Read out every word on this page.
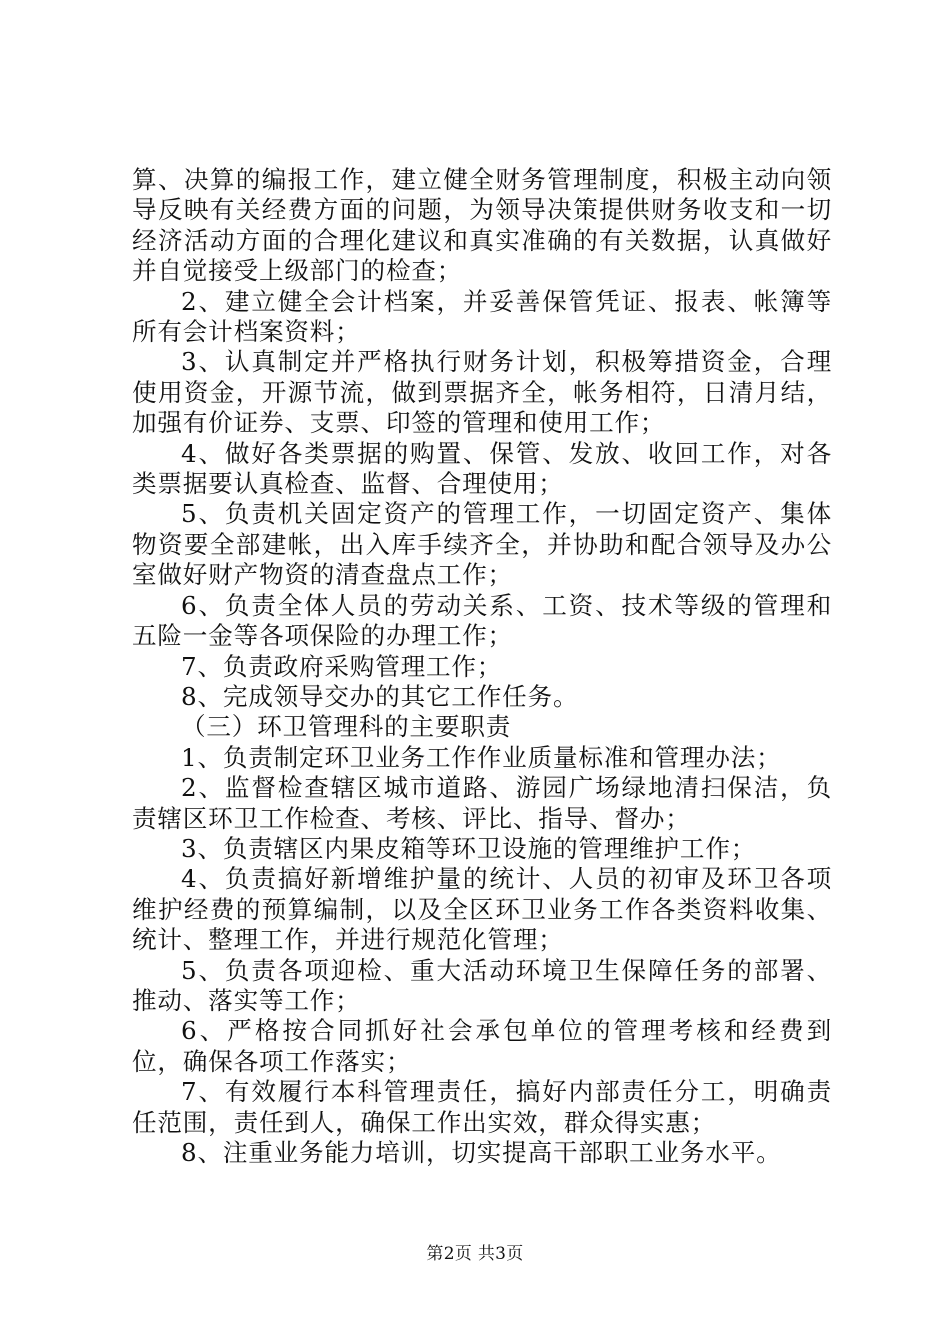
算、决算的编报工作，建立健全财务管理制度，积极主动向领导反映有关经费方面的问题，为领导决策提供财务收支和一切经济活动方面的合理化建议和真实准确的有关数据，认真做好并自觉接受上级部门的检查；

2、建立健全会计档案，并妥善保管凭证、报表、帐簿等所有会计档案资料；

3、认真制定并严格执行财务计划，积极筹措资金，合理使用资金，开源节流，做到票据齐全，帐务相符，日清月结，加强有价证券、支票、印签的管理和使用工作；

4、做好各类票据的购置、保管、发放、收回工作，对各类票据要认真检查、监督、合理使用；

5、负责机关固定资产的管理工作，一切固定资产、集体物资要全部建帐，出入库手续齐全，并协助和配合领导及办公室做好财产物资的清查盘点工作；

6、负责全体人员的劳动关系、工资、技术等级的管理和五险一金等各项保险的办理工作；

7、负责政府采购管理工作；

8、完成领导交办的其它工作任务。

（三）环卫管理科的主要职责

1、负责制定环卫业务工作作业质量标准和管理办法；

2、监督检查辖区城市道路、游园广场绿地清扫保洁，负责辖区环卫工作检查、考核、评比、指导、督办；

3、负责辖区内果皮箱等环卫设施的管理维护工作；

4、负责搞好新增维护量的统计、人员的初审及环卫各项维护经费的预算编制，以及全区环卫业务工作各类资料收集、统计、整理工作，并进行规范化管理；

5、负责各项迎检、重大活动环境卫生保障任务的部署、推动、落实等工作；

6、严格按合同抓好社会承包单位的管理考核和经费到位，确保各项工作落实；

7、有效履行本科管理责任，搞好内部责任分工，明确责任范围，责任到人，确保工作出实效，群众得实惠；

8、注重业务能力培训，切实提高干部职工业务水平。

第2页 共3页
